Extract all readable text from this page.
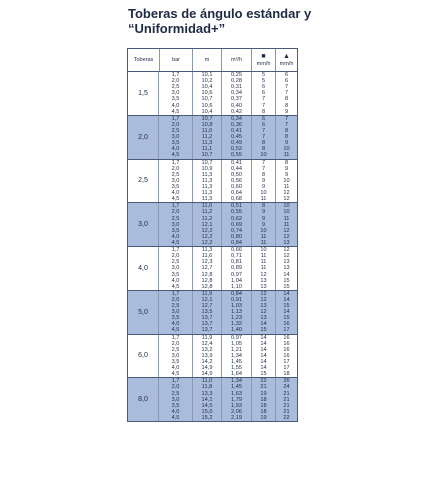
Toberas de ángulo estándar y
“Uniformidad+”
Toberas	bar	m	m³/h	■
mm/h
▲
mm/h
1,5
1,7	10,1	0,25	5	6
2,0	10,2	0,28	5	6
2,5	10,4	0,31	6	7
3,0	10,6	0,34	6	7
3,5	10,7	0,37	7	8
4,0	10,6	0,40	7	8
4,5	10,4	0,42	8	9
2,0
1,7	10,7	0,34	6	7
2,0	10,8	0,36	6	7
2,5	11,0	0,41	7	8
3,0	11,2	0,45	7	8
3,5	11,3	0,49	8	9
4,0	11,1	0,52	8	10
4,5	10,7	0,55	10	11
2,5
1,7	10,7	0,41	7	8
2,0	10,9	0,44	7	9
2,5	11,3	0,50	8	9
3,0	11,3	0,56	9	10
3,5	11,3	0,60	9	11
4,0	11,3	0,64	10	12
4,5	11,3	0,68	11	12
3,0
1,7	11,0	0,51	8	10
2,0	11,2	0,55	9	10
2,5	11,2	0,62	9	11
3,0	12,1	0,69	9	11
3,5	12,2	0,74	10	12
4,0	12,2	0,80	11	12
4,5	12,2	0,84	11	13
4,0
1,7	11,3	0,66	10	12
2,0	11,6	0,71	11	12
2,5	12,3	0,81	11	13
3,0	12,7	0,89	11	13
3,5	12,8	0,97	12	14
4,0	12,8	1,04	13	15
4,5	12,8	1,10	13	15
5,0
1,7	11,9	0,84	12	14
2,0	12,1	0,91	12	14
2,5	12,7	1,03	13	15
3,0	13,5	1,13	12	14
3,5	13,7	1,23	13	15
4,0	13,7	1,32	14	16
4,5	13,7	1,40	15	17
6,0
1,7	11,9	0,97	14	16
2,0	12,4	1,05	14	16
2,5	13,2	1,21	14	16
3,0	13,9	1,34	14	16
3,5	14,2	1,45	14	17
4,0	14,9	1,55	14	17
4,5	14,9	1,64	15	18
8,0
1,7	11,0	1,34	22	26
2,0	11,8	1,45	21	24
2,5	13,3	1,63	19	21
3,0	14,1	1,79	18	21
3,5	14,5	1,93	18	21
4,0	15,0	2,06	18	21
4,5	15,2	2,19	19	22
